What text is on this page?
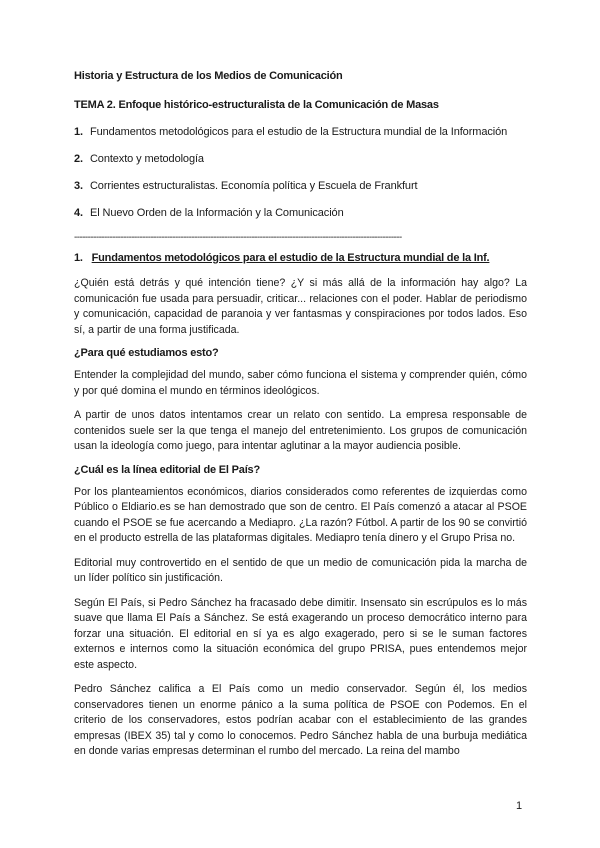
Historia y Estructura de los Medios de Comunicación
TEMA 2. Enfoque histórico-estructuralista de la Comunicación de Masas
1. Fundamentos metodológicos para el estudio de la Estructura mundial de la Información
2. Contexto y metodología
3. Corrientes estructuralistas. Economía política y Escuela de Frankfurt
4. El Nuevo Orden de la Información y la Comunicación
------------------------------------------------------------------------------------------------------------------------
1. Fundamentos metodológicos para el estudio de la Estructura mundial de la Inf.

¿Quién está detrás y qué intención tiene? ¿Y si más allá de la información hay algo? La comunicación fue usada para persuadir, criticar... relaciones con el poder. Hablar de periodismo y comunicación, capacidad de paranoia y ver fantasmas y conspiraciones por todos lados. Eso sí, a partir de una forma justificada.

¿Para qué estudiamos esto?

Entender la complejidad del mundo, saber cómo funciona el sistema y comprender quién, cómo y por qué domina el mundo en términos ideológicos.

A partir de unos datos intentamos crear un relato con sentido. La empresa responsable de contenidos suele ser la que tenga el manejo del entretenimiento. Los grupos de comunicación usan la ideología como juego, para intentar aglutinar a la mayor audiencia posible.

¿Cuál es la línea editorial de El País?

Por los planteamientos económicos, diarios considerados como referentes de izquierdas como Público o Eldiario.es se han demostrado que son de centro. El País comenzó a atacar al PSOE cuando el PSOE se fue acercando a Mediapro. ¿La razón? Fútbol. A partir de los 90 se convirtió en el producto estrella de las plataformas digitales. Mediapro tenía dinero y el Grupo Prisa no.

Editorial muy controvertido en el sentido de que un medio de comunicación pida la marcha de un líder político sin justificación.

Según El País, si Pedro Sánchez ha fracasado debe dimitir. Insensato sin escrúpulos es lo más suave que llama El País a Sánchez. Se está exagerando un proceso democrático interno para forzar una situación. El editorial en sí ya es algo exagerado, pero si se le suman factores externos e internos como la situación económica del grupo PRISA, pues entendemos mejor este aspecto.

Pedro Sánchez califica a El País como un medio conservador. Según él, los medios conservadores tienen un enorme pánico a la suma política de PSOE con Podemos. En el criterio de los conservadores, estos podrían acabar con el establecimiento de las grandes empresas (IBEX 35) tal y como lo conocemos. Pedro Sánchez habla de una burbuja mediática en donde varias empresas determinan el rumbo del mercado. La reina del mambo

1
